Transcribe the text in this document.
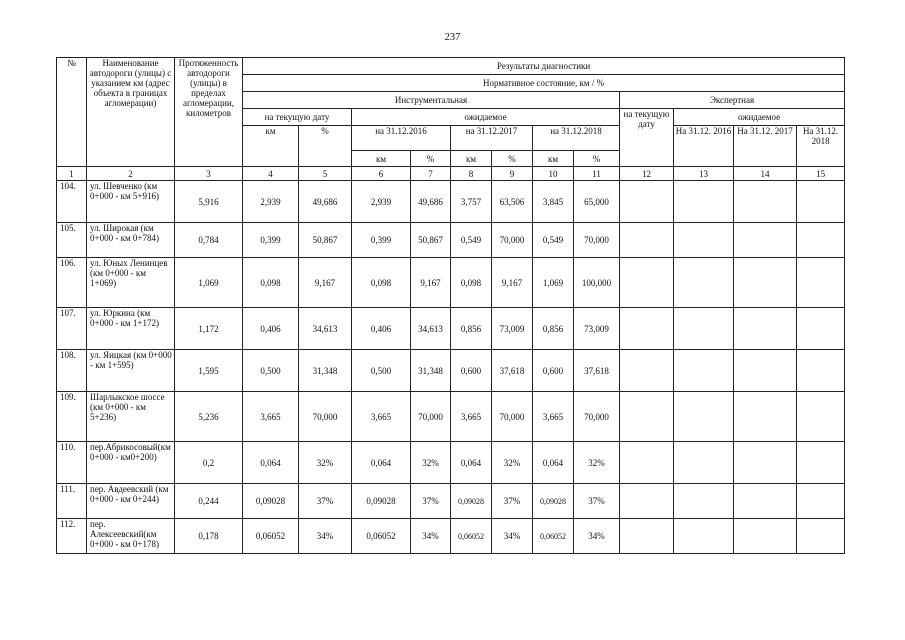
237
№	Наименование автодороги (улицы) с указанием км (адрес объекта в границах агломерации)	Протяженность автодороги (улицы) в пределах агломерации, километров	Результаты диагностики											
			Нормативное состояние, км / %											
			Инструментальная								Экспертная			
			на текущую дату		ожидаемое						на текущую дату	ожидаемое		
			км	%	на 31.12.2016		на 31.12.2017		на 31.12.2018			На 31.12. 2016	На 31.12. 2017	На 31.12. 2018
					км	%	км	%	км	%				
1	2	3	4	5	6	7	8	9	10	11	12	13	14	15
104.	ул. Шевченко (км 0+000 - км 5+916)	5,916	2,939	49,686	2,939	49,686	3,757	63,506	3,845	65,000				
105.	ул. Широкая (км 0+000 - км 0+784)	0,784	0,399	50,867	0,399	50,867	0,549	70,000	0,549	70,000				
106.	ул. Юных Ленинцев (км 0+000 - км 1+069)	1,069	0,098	9,167	0,098	9,167	0,098	9,167	1,069	100,000				
107.	ул. Юркина (км 0+000 - км 1+172)	1,172	0,406	34,613	0,406	34,613	0,856	73,009	0,856	73,009				
108.	ул. Яицкая (км 0+000 - км 1+595)	1,595	0,500	31,348	0,500	31,348	0,600	37,618	0,600	37,618				
109.	Шарлыкское шоссе (км 0+000 - км 5+236)	5,236	3,665	70,000	3,665	70,000	3,665	70,000	3,665	70,000				
110.	пер.Абрикосовый(км 0+000 - км0+200)	0,2	0,064	32%	0,064	32%	0,064	32%	0,064	32%				
111.	пер. Авдеевский (км 0+000 - км 0+244)	0,244	0,09028	37%	0,09028	37%	0,09028	37%	0,09028	37%				
112.	пер. Алексеевский(км 0+000 - км 0+178)	0,178	0,06052	34%	0,06052	34%	0,06052	34%	0,06052	34%				
